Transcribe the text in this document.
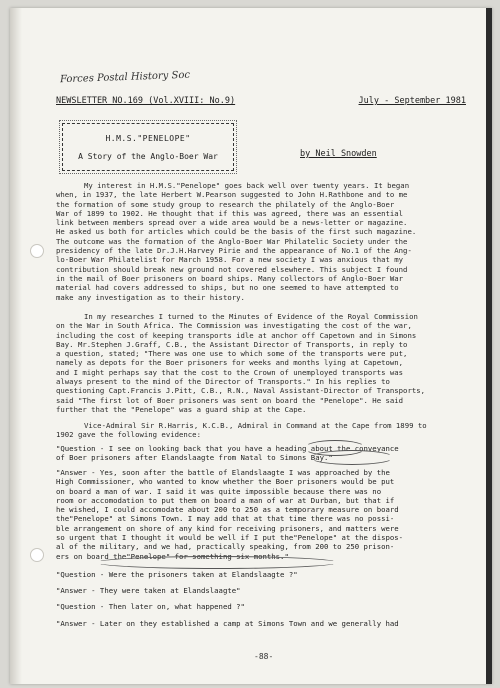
Forces Postal History Soc
NEWSLETTER NO.169 (Vol.XVIII: No.9)	July - September 1981
H.M.S."PENELOPE"
A Story of the Anglo-Boer War	by Neil Snowden
My interest in H.M.S."Penelope" goes back well over twenty years. It began
when, in 1937, the late Herbert W.Pearson suggested to John H.Rathbone and to me
the formation of some study group to research the philately of the Anglo-Boer
War of 1899 to 1902. He thought that if this was agreed, there was an essential
link between members spread over a wide area would be a news-letter or magazine.
He asked us both for articles which could be the basis of the first such magazine.
The outcome was the formation of the Anglo-Boer War Philatelic Society under the
presidency of the late Dr.J.H.Harvey Pirie and the appearance of No.1 of the Ang-
lo-Boer War Philatelist for March 1958. For a new society I was anxious that my
contribution should break new ground not covered elsewhere. This subject I found
in the mail of Boer prisoners on board ships. Many collectors of Anglo-Boer War
material had covers addressed to ships, but no one seemed to have attempted to
make any investigation as to their history.
In my researches I turned to the Minutes of Evidence of the Royal Commission
on the War in South Africa. The Commission was investigating the cost of the war,
including the cost of keeping transports idle at anchor off Capetown and in Simons
Bay. Mr.Stephen J.Graff, C.B., the Assistant Director of Transports, in reply to
a question, stated; "There was one use to which some of the transports were put,
namely as depots for the Boer prisoners for weeks and months lying at Capetown,
and I might perhaps say that the cost to the Crown of unemployed transports was
always present to the mind of the Director of Transports." In his replies to
questioning Capt.Francis J.Pitt, C.B., R.N., Naval Assistant-Director of Transports,
said "The first lot of Boer prisoners was sent on board the "Penelope". He said
further that the "Penelope" was a guard ship at the Cape.
Vice-Admiral Sir R.Harris, K.C.B., Admiral in Command at the Cape from 1899 to
1902 gave the following evidence:
"Question - I see on looking back that you have a heading about the conveyance
of Boer prisoners after Elandslaagte from Natal to Simons Bay."
"Answer - Yes, soon after the battle of Elandslaagte I was approached by the
High Commissioner, who wanted to know whether the Boer prisoners would be put
on board a man of war. I said it was quite impossible because there was no
room or accomodation to put them on board a man of war at Durban, but that if
he wished, I could accomodate about 200 to 250 as a temporary measure on board
the"Penelope" at Simons Town. I may add that at that time there was no possi-
ble arrangement on shore of any kind for receiving prisoners, and matters were
so urgent that I thought it would be well if I put the"Penelope" at the dispos-
al of the military, and we had, practically speaking, from 200 to 250 prison-
ers on board the"Penelope" for something six months."
"Question - Were the prisoners taken at Elandslaagte ?"
"Answer - They were taken at Elandslaagte"
"Question - Then later on, what happened ?"
"Answer - Later on they established a camp at Simons Town and we generally had
-88-
